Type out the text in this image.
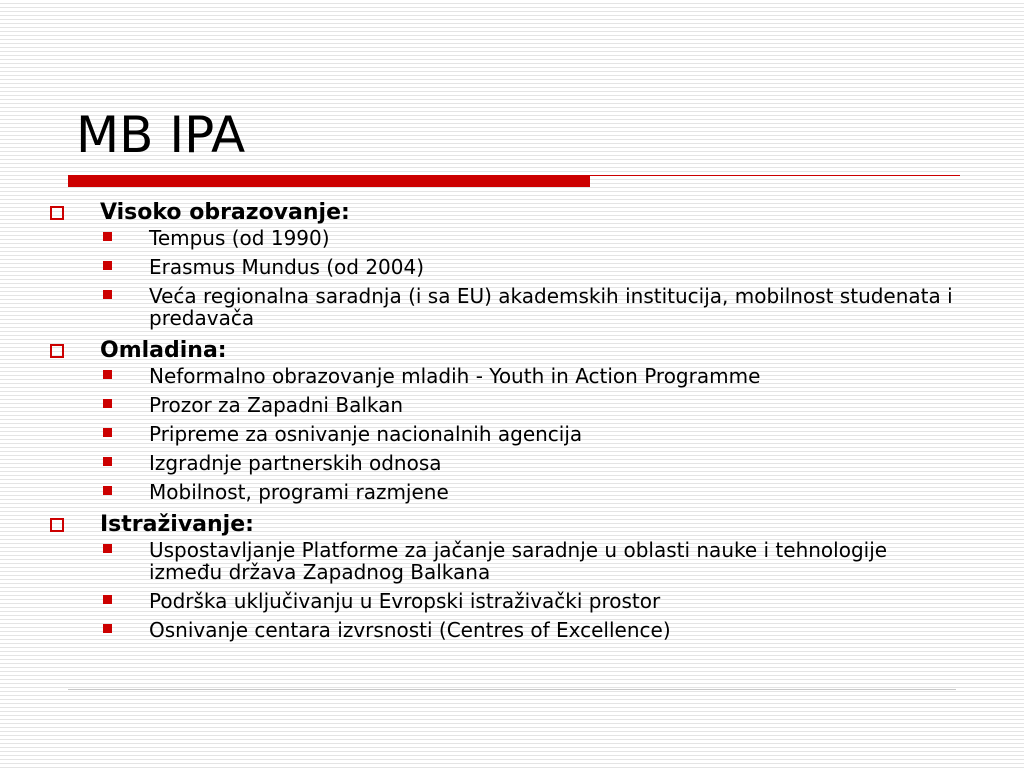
MB IPA
Visoko obrazovanje:
Tempus (od 1990)
Erasmus Mundus (od 2004)
Veća regionalna saradnja (i sa EU) akademskih institucija, mobilnost studenata i predavača
Omladina:
Neformalno obrazovanje mladih - Youth in Action Programme
Prozor za Zapadni Balkan
Pripreme za osnivanje nacionalnih agencija
Izgradnje partnerskih odnosa
Mobilnost, programi razmjene
Istraživanje:
Uspostavljanje Platforme za jačanje saradnje u oblasti nauke i tehnologije između država Zapadnog Balkana
Podrška uključivanju u Evropski istraživački prostor
Osnivanje centara izvrsnosti (Centres of Excellence)
